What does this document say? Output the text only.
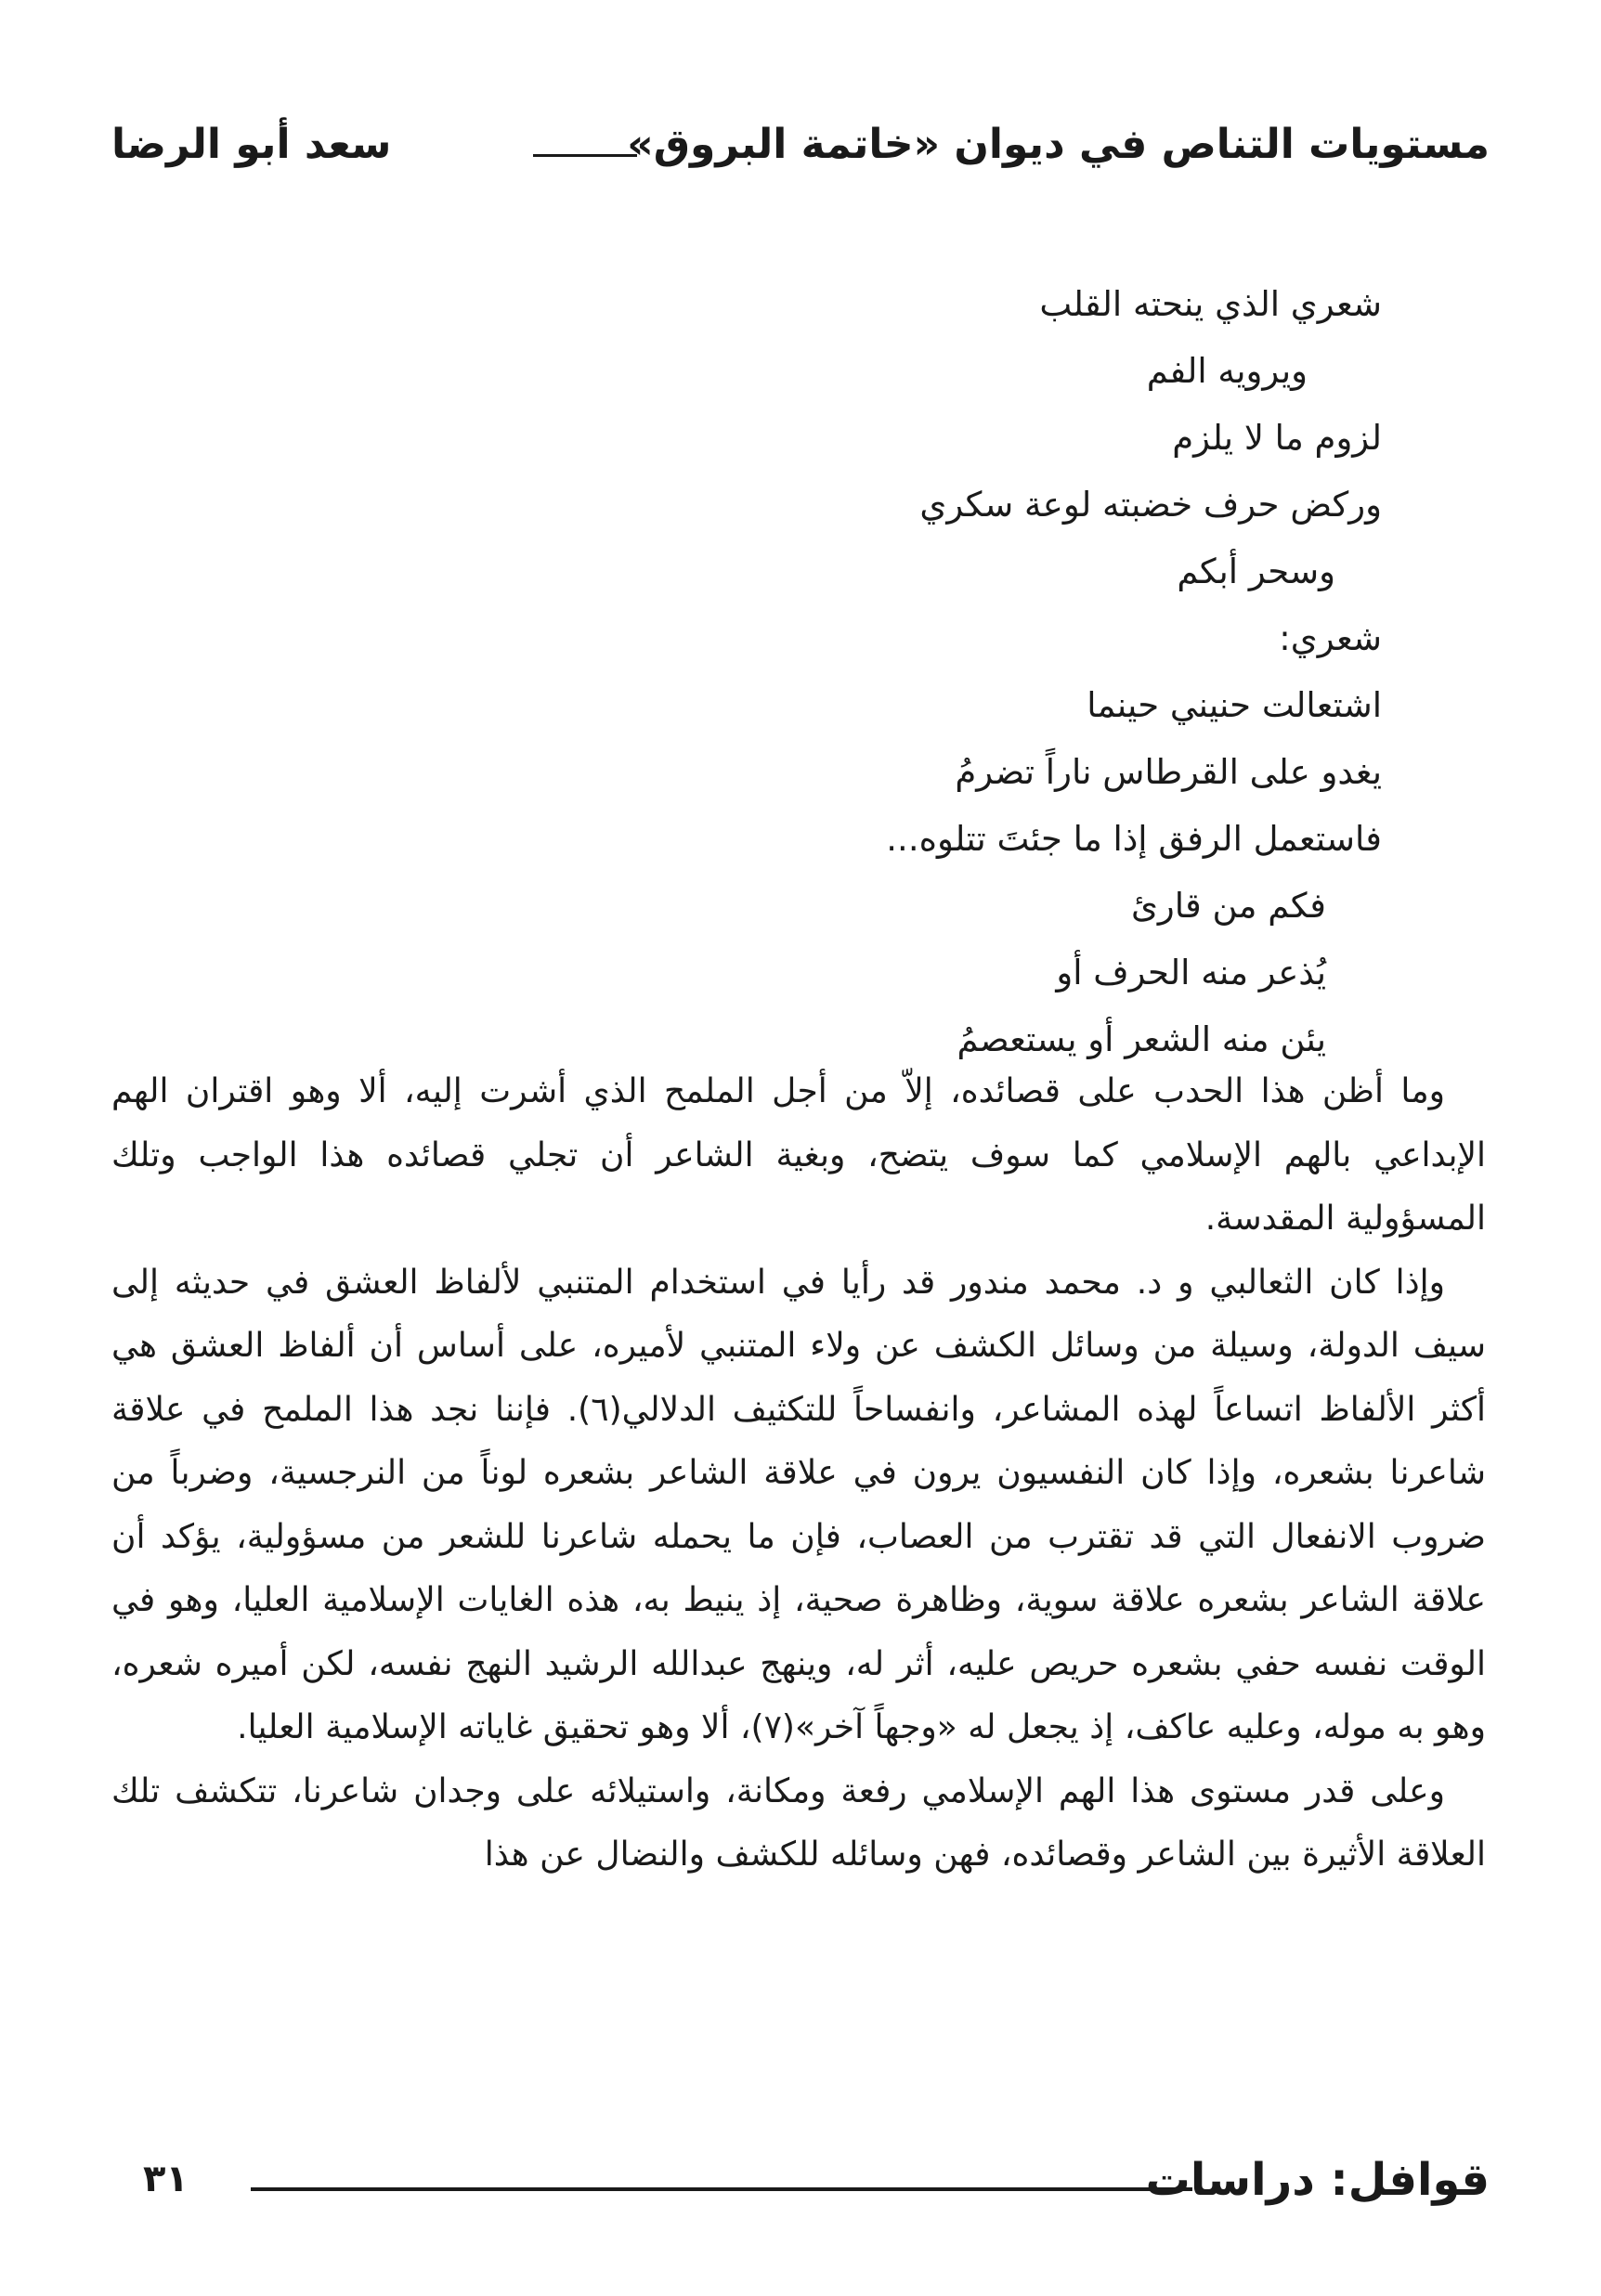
مستويات التناص في ديوان «خاتمة البروق»
سعد أبو الرضا
شعري الذي ينحته القلب
ويرويه الفم
لزوم ما لا يلزم
وركض حرف خضبته لوعة سكري
وسحر أبكم
شعري:
اشتعالت حنيني حينما
يغدو على القرطاس ناراً تضرمُ
فاستعمل الرفق إذا ما جئتَ تتلوه...
فكم من قارئ
يُذعر منه الحرف أو
يئن منه الشعر أو يستعصمُ

وما أظن هذا الحدب على قصائده، إلاّ من أجل الملمح الذي أشرت إليه، ألا وهو اقتران الهم الإبداعي بالهم الإسلامي كما سوف يتضح، وبغية الشاعر أن تجلي قصائده هذا الواجب وتلك المسؤولية المقدسة.

وإذا كان الثعالبي و د. محمد مندور قد رأيا في استخدام المتنبي لألفاظ العشق في حديثه إلى سيف الدولة، وسيلة من وسائل الكشف عن ولاء المتنبي لأميره، على أساس أن ألفاظ العشق هي أكثر الألفاظ اتساعاً لهذه المشاعر، وانفساحاً للتكثيف الدلالي(٦). فإننا نجد هذا الملمح في علاقة شاعرنا بشعره، وإذا كان النفسيون يرون في علاقة الشاعر بشعره لوناً من النرجسية، وضرباً من ضروب الانفعال التي قد تقترب من العصاب، فإن ما يحمله شاعرنا للشعر من مسؤولية، يؤكد أن علاقة الشاعر بشعره علاقة سوية، وظاهرة صحية، إذ ينيط به، هذه الغايات الإسلامية العليا، وهو في الوقت نفسه حفي بشعره حريص عليه، أثر له، وينهج عبدالله الرشيد النهج نفسه، لكن أميره شعره، وهو به موله، وعليه عاكف، إذ يجعل له «وجهاً آخر»(٧)، ألا وهو تحقيق غاياته الإسلامية العليا.

وعلى قدر مستوى هذا الهم الإسلامي رفعة ومكانة، واستيلائه على وجدان شاعرنا، تتكشف تلك العلاقة الأثيرة بين الشاعر وقصائده، فهن وسائله للكشف والنضال عن هذا

قوافل: دراسات
٣١
